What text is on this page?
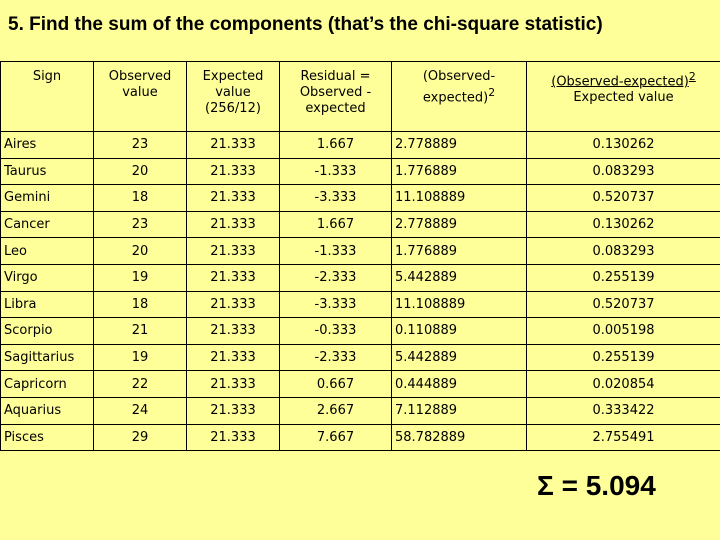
5. Find the sum of the components (that’s the chi-square statistic)
Sign	Observed value	Expected value (256/12)	Residual = Observed - expected	(Observed-expected)$^2$	(Observed-expected)$^2$
Expected value
Aires	23	21.333	1.667	2.778889	0.130262
Taurus	20	21.333	-1.333	1.776889	0.083293
Gemini	18	21.333	-3.333	11.108889	0.520737
Cancer	23	21.333	1.667	2.778889	0.130262
Leo	20	21.333	-1.333	1.776889	0.083293
Virgo	19	21.333	-2.333	5.442889	0.255139
Libra	18	21.333	-3.333	11.108889	0.520737
Scorpio	21	21.333	-0.333	0.110889	0.005198
Sagittarius	19	21.333	-2.333	5.442889	0.255139
Capricorn	22	21.333	0.667	0.444889	0.020854
Aquarius	24	21.333	2.667	7.112889	0.333422
Pisces	29	21.333	7.667	58.782889	2.755491
Σ = 5.094
